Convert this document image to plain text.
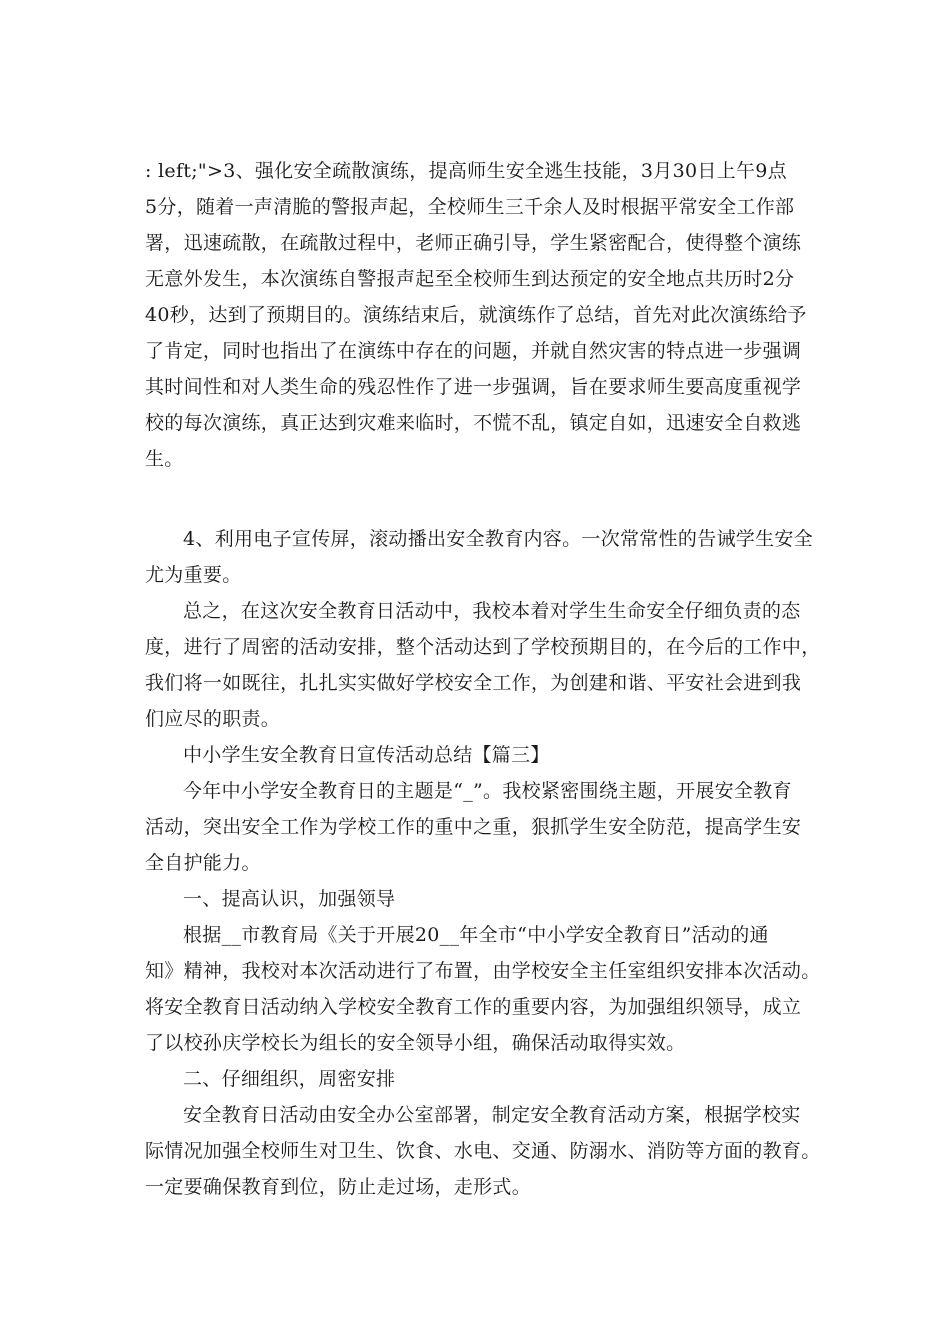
: left;">3、强化安全疏散演练，提高师生安全逃生技能，3月30日上午9点
5分，随着一声清脆的警报声起，全校师生三千余人及时根据平常安全工作部
署，迅速疏散，在疏散过程中，老师正确引导，学生紧密配合，使得整个演练
无意外发生，本次演练自警报声起至全校师生到达预定的安全地点共历时2分
40秒，达到了预期目的。演练结束后，就演练作了总结，首先对此次演练给予
了肯定，同时也指出了在演练中存在的问题，并就自然灾害的特点进一步强调
其时间性和对人类生命的残忍性作了进一步强调，旨在要求师生要高度重视学
校的每次演练，真正达到灾难来临时，不慌不乱，镇定自如，迅速安全自救逃
生。
4、利用电子宣传屏，滚动播出安全教育内容。一次常常性的告诫学生安全
尤为重要。
总之，在这次安全教育日活动中，我校本着对学生生命安全仔细负责的态
度，进行了周密的活动安排，整个活动达到了学校预期目的，在今后的工作中，
我们将一如既往，扎扎实实做好学校安全工作，为创建和谐、平安社会进到我
们应尽的职责。
中小学生安全教育日宣传活动总结【篇三】
今年中小学安全教育日的主题是“_”。我校紧密围绕主题，开展安全教育
活动，突出安全工作为学校工作的重中之重，狠抓学生安全防范，提高学生安
全自护能力。
一、提高认识，加强领导
根据__市教育局《关于开展20__年全市“中小学安全教育日”活动的通
知》精神，我校对本次活动进行了布置，由学校安全主任室组织安排本次活动。
将安全教育日活动纳入学校安全教育工作的重要内容，为加强组织领导，成立
了以校孙庆学校长为组长的安全领导小组，确保活动取得实效。
二、仔细组织，周密安排
安全教育日活动由安全办公室部署，制定安全教育活动方案，根据学校实
际情况加强全校师生对卫生、饮食、水电、交通、防溺水、消防等方面的教育。
一定要确保教育到位，防止走过场，走形式。
